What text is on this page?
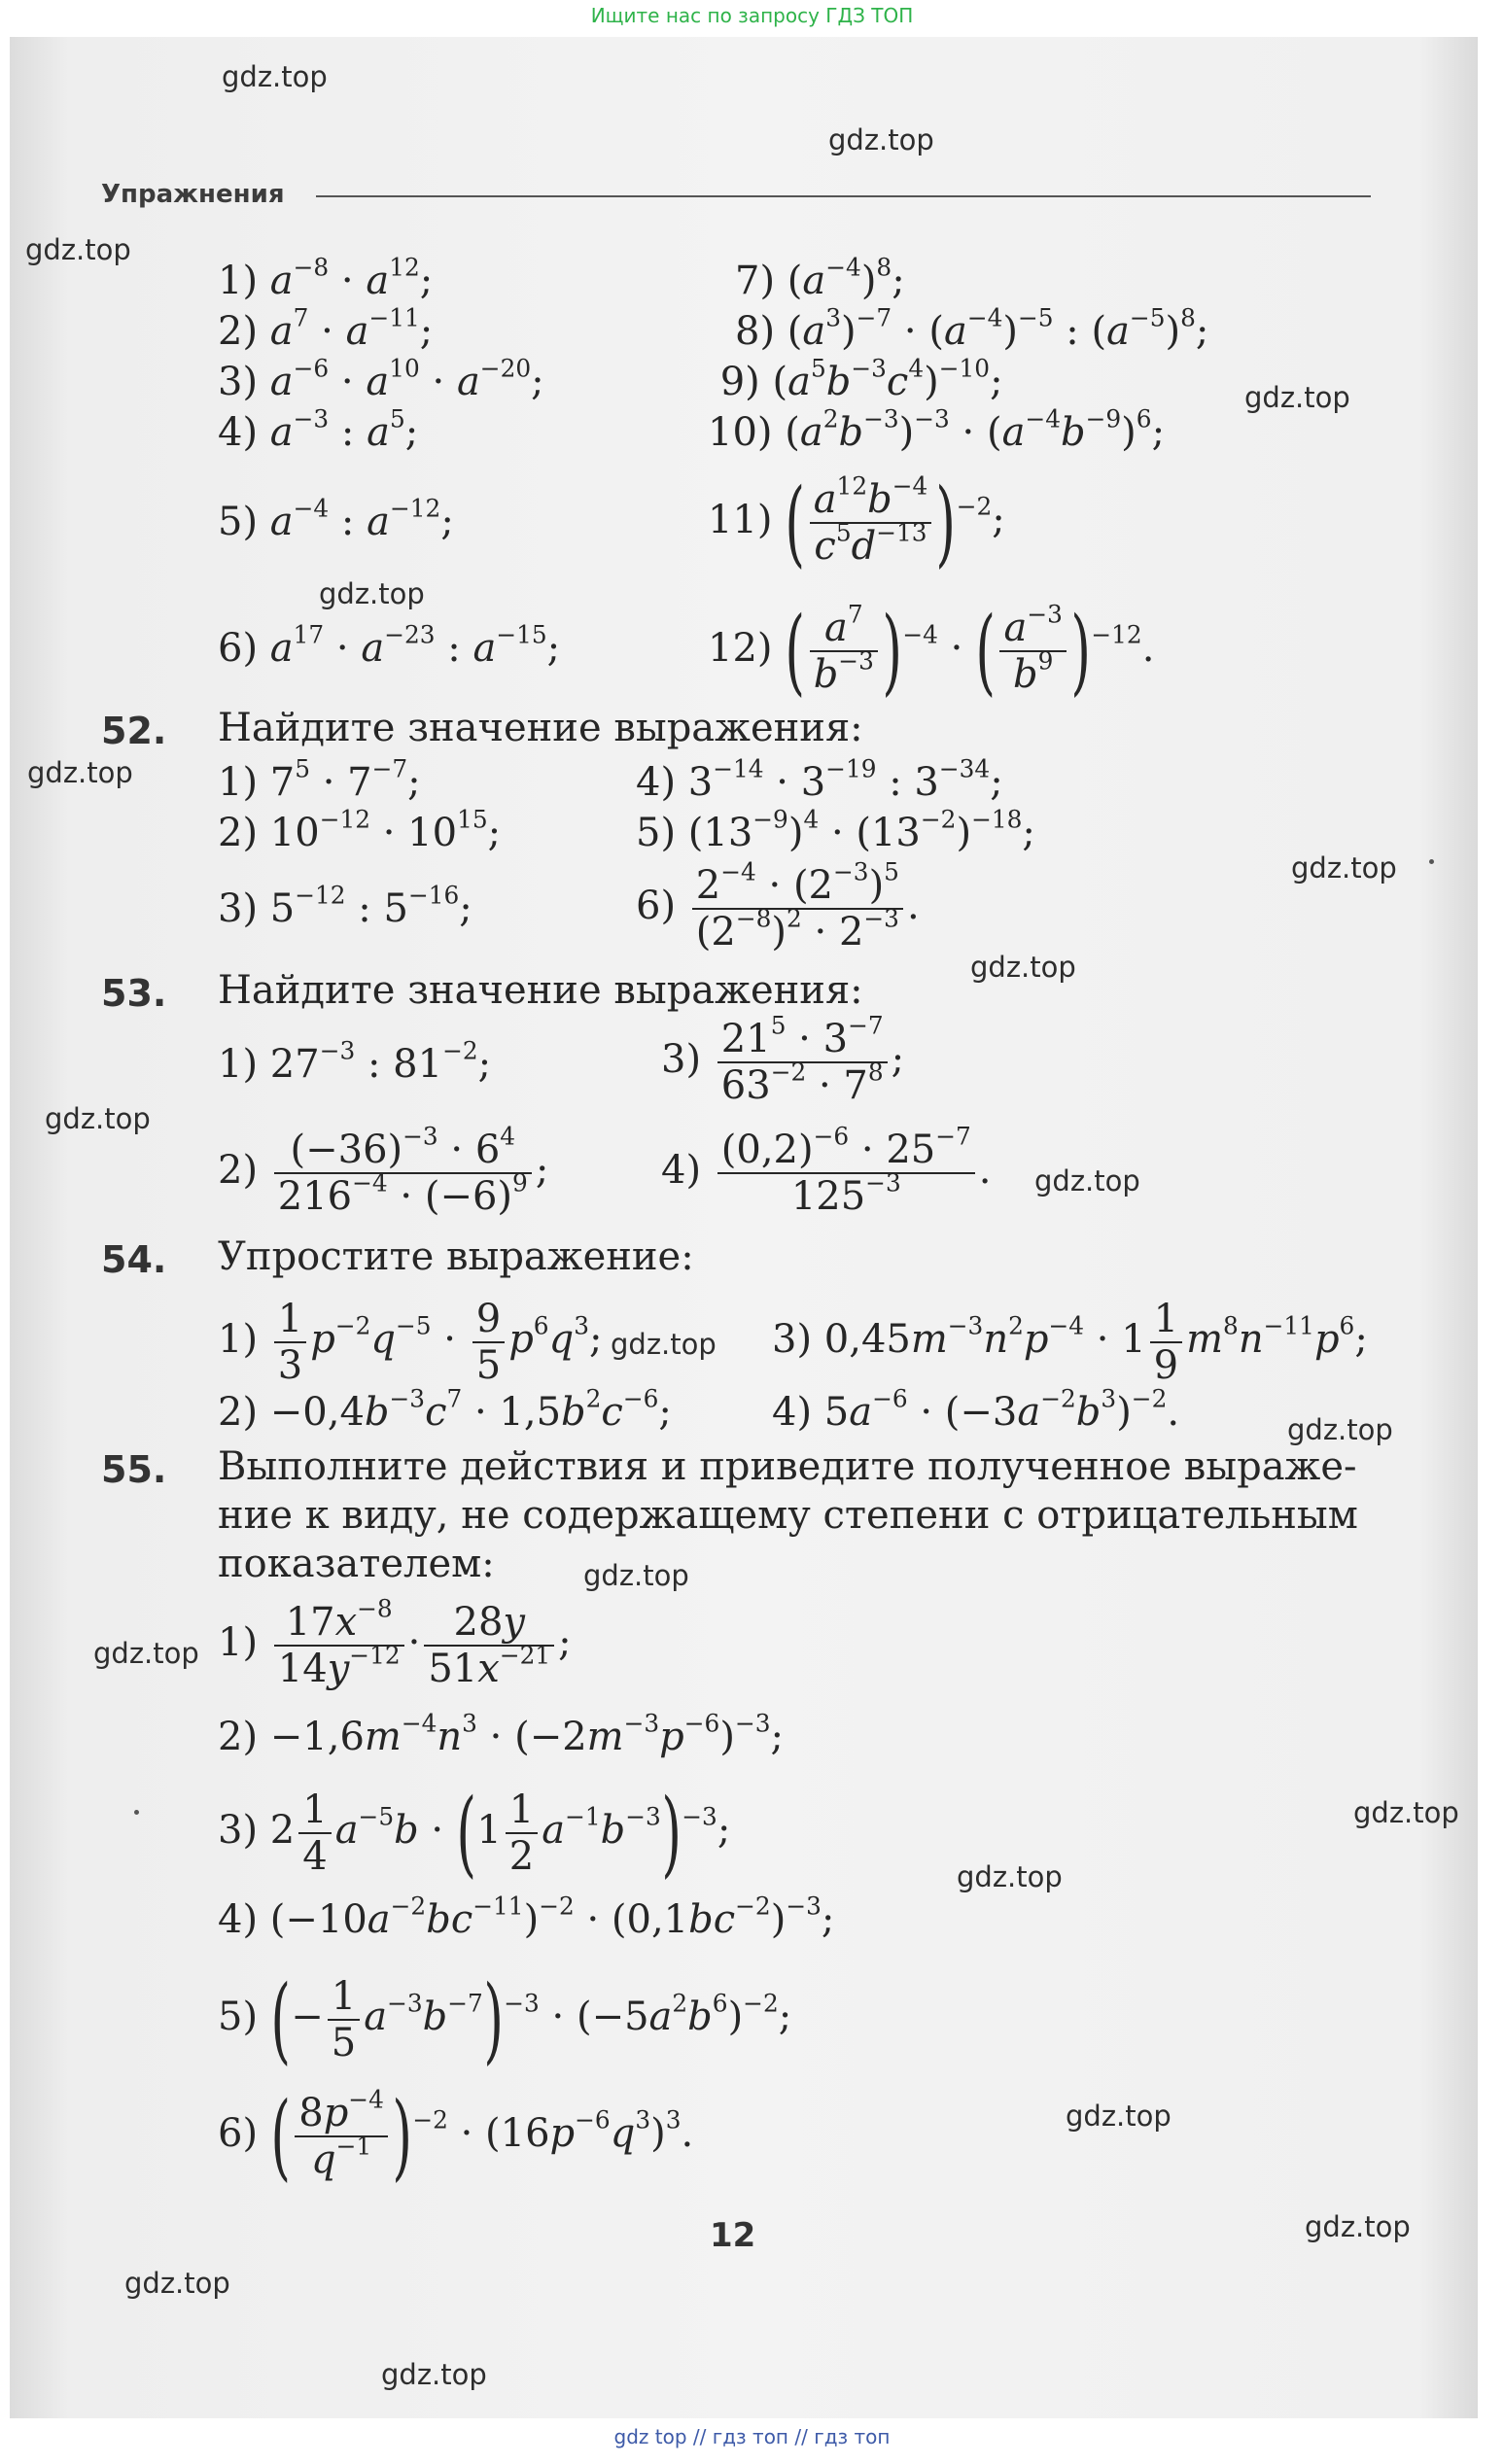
Ищите нас по запросу ГДЗ ТОП
gdz top // гдз топ // гдз топ
gdz.top
gdz.top
gdz.top
gdz.top
gdz.top
gdz.top
gdz.top
gdz.top
gdz.top
gdz.top
gdz.top
gdz.top
gdz.top
gdz.top
gdz.top
gdz.top
gdz.top
gdz.top
gdz.top
gdz.top
Упражнения
1) $a^{-8} \cdot a^{12}$;
2) $a^7 \cdot a^{-11}$;
3) $a^{-6} \cdot a^{10} \cdot a^{-20}$;
4) $a^{-3}$ : $a^5$;
5) $a^{-4}$ : $a^{-12}$;
6) $a^{17} \cdot a^{-23}$ : $a^{-15}$;
7) $(a^{-4})^8$;
8) $(a^3)^{-7} \cdot (a^{-4})^{-5}$ : $(a^{-5})^8$;
9) $(a^5b^{-3}c^4)^{-10}$;
10) $(a^2b^{-3})^{-3} \cdot (a^{-4}b^{-9})^6$;
11) ( $\frac{a^{12}b^{-4}}{c^5d^{-13}} )^{-2}$;
12) ( $\frac{a^7}{b^{-3}} )^{-4}$ · ( $\frac{a^{-3}}{b^9} )^{-12}$.
52. Найдите значение выражения:
1) $7^5 \cdot 7^{-7}$;
2) $10^{-12} \cdot 10^{15}$;
3) $5^{-12}$ : $5^{-16}$;
4) $3^{-14} \cdot 3^{-19}$ : $3^{-34}$;
5) $(13^{-9})^4 \cdot (13^{-2})^{-18}$;
$6) \frac{2^{-4} \cdot (2^{-3})^5}{(2^{-8})^2 \cdot 2^{-3}}$ .
53. Найдите значение выражения:
1) $27^{-3}$ : $81^{-2}$;	$3) \frac{21^5 \cdot 3^{-7}}{63^{-2} \cdot 7^8}$ ;
$2) \frac{(-36)^{-3} \cdot 6^4}{216^{-4} \cdot (-6)^9}$ ;	$4) \frac{(0,2)^{-6} \cdot 25^{-7}}{125^{-3}}$ .
54. Упростите выражение:
$1) \frac{1}{3} p^{-2}q^{-5} \cdot \frac{9}{5} p^6q^3$;	3) $0,45m^{-3}n^2p^{-4} \cdot 1 \frac{1}{9} m^8n^{-11}p^6$;
$2) -0,4b^{-3}c^7 \cdot 1,5b^2c^{-6}$;	4) $5a^{-6} \cdot (-3a^{-2}b^3)^{-2}$.
55. Выполните действия и приведите полученное выраже-
ние к виду, не содержащему степени с отрицательным
показателем:
$1) \frac{17x^{-8}}{14y^{-12}} \cdot \frac{28y}{51x^{-21}}$ ;
$2) -1,6m^{-4}n^3 \cdot (-2m^{-3}p^{-6})^{-3}$;
3) $2 \frac{1}{4} a^{-5}b \cdot (1 \frac{1}{2} a^{-1}b^{-3})^{-3}$;
4) $(-10a^{-2}bc^{-11})^{-2} \cdot (0,1bc^{-2})^{-3}$;
5) (− $\frac{1}{5} a^{-3}b^{-7})^{-3} \cdot (-5a^2b^6)^{-2}$;
6) ( $\frac{8p^{-4}}{q^{-1}} )^{-2} \cdot (16p^{-6}q^3)^3$.
12
